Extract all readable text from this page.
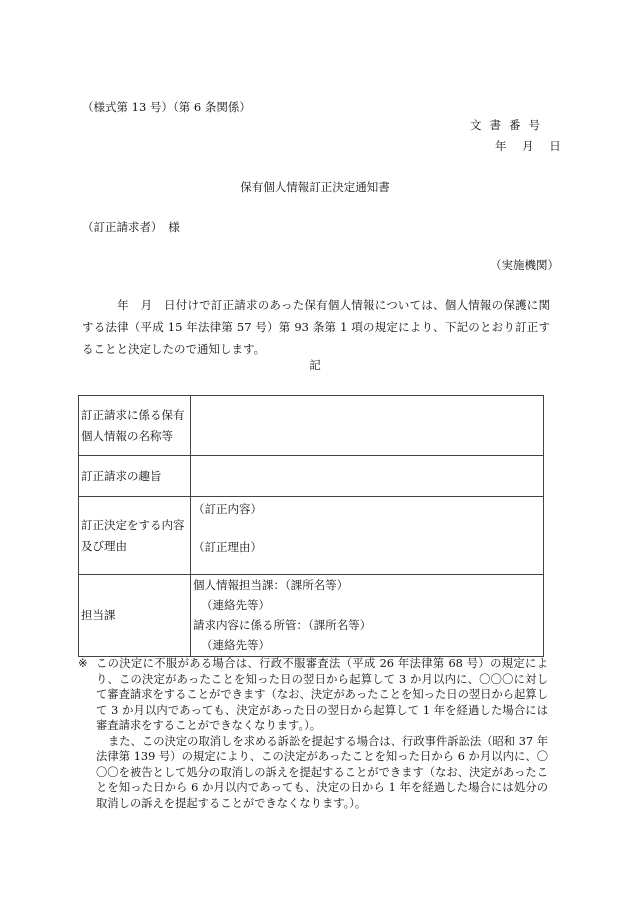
（様式第 13 号）（第 6 条関係）
文書番号
年 月 日
保有個人情報訂正決定通知書
（訂正請求者）　様
（実施機関）
　　　年　月　日付けで訂正請求のあった保有個人情報については、個人情報の保護に関する法律（平成 15 年法律第 57 号）第 93 条第 1 項の規定により、下記のとおり訂正することと決定したので通知します。
記
訂正請求に係る保有個人情報の名称等	
訂正請求の趣旨	
訂正決定をする内容及び理由	（訂正内容）
（訂正理由）

担当課	個人情報担当課：（課所名等）
（連絡先等）
請求内容に係る所管：（課所名等）
（連絡先等）
※ この決定に不服がある場合は、行政不服審査法（平成 26 年法律第 68 号）の規定により、この決定があったことを知った日の翌日から起算して 3 か月以内に、〇〇〇に対して審査請求をすることができます（なお、決定があったことを知った日の翌日から起算して 3 か月以内であっても、決定があった日の翌日から起算して 1 年を経過した場合には審査請求をすることができなくなります。）。
また、この決定の取消しを求める訴訟を提起する場合は、行政事件訴訟法（昭和 37 年法律第 139 号）の規定により、この決定があったことを知った日から 6 か月以内に、〇〇〇を被告として処分の取消しの訴えを提起することができます（なお、決定があったことを知った日から 6 か月以内であっても、決定の日から 1 年を経過した場合には処分の取消しの訴えを提起することができなくなります。）。
